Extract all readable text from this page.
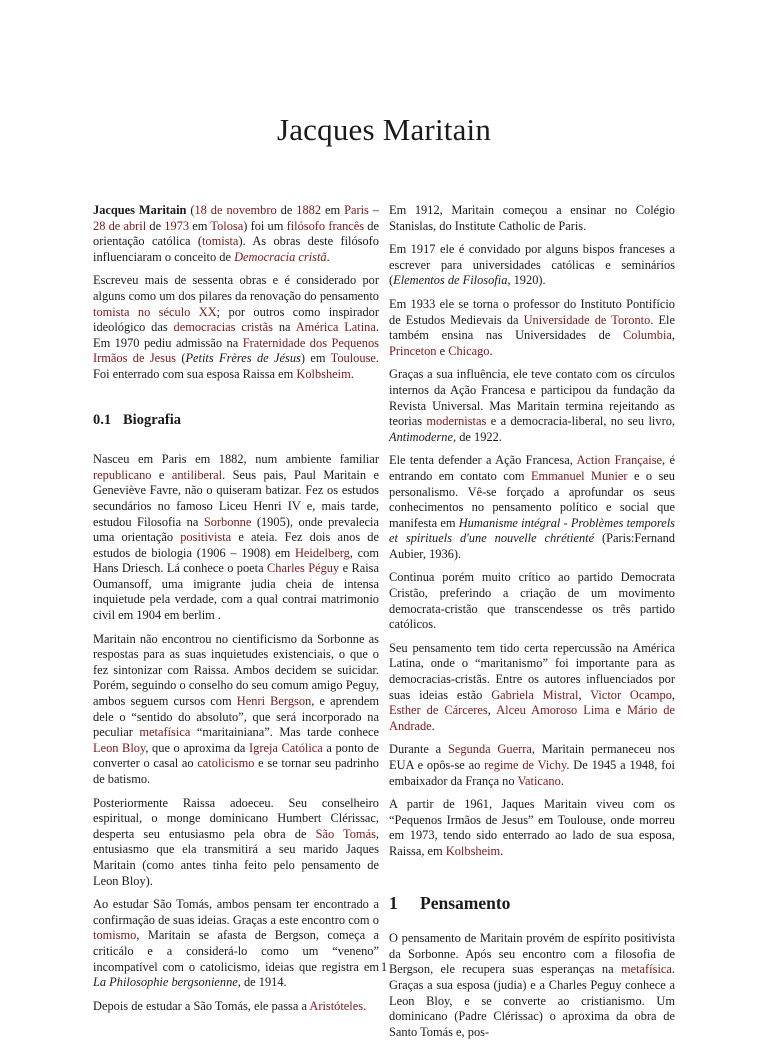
Jacques Maritain

Jacques Maritain (18 de novembro de 1882 em Paris – 28 de abril de 1973 em Tolosa) foi um filósofo francês de orientação católica (tomista). As obras deste filósofo influenciaram o conceito de Democracia cristã.

Escreveu mais de sessenta obras e é considerado por alguns como um dos pilares da renovação do pensamento tomista no século XX; por outros como inspirador ideológico das democracias cristãs na América Latina. Em 1970 pediu admissão na Fraternidade dos Pequenos Irmãos de Jesus (Petits Frères de Jésus) em Toulouse. Foi enterrado com sua esposa Raissa em Kolbsheim.

0.1 Biografia

Nasceu em Paris em 1882, num ambiente familiar republicano e antiliberal. Seus pais, Paul Maritain e Geneviève Favre, não o quiseram batizar. Fez os estudos secundários no famoso Liceu Henri IV e, mais tarde, estudou Filosofia na Sorbonne (1905), onde prevalecia uma orientação positivista e ateia. Fez dois anos de estudos de biologia (1906 – 1908) em Heidelberg, com Hans Driesch. Lá conhece o poeta Charles Péguy e Raisa Oumansoff, uma imigrante judia cheia de intensa inquietude pela verdade, com a qual contrai matrimonio civil em 1904 em berlim .

Maritain não encontrou no cientificismo da Sorbonne as respostas para as suas inquietudes existenciais, o que o fez sintonizar com Raissa. Ambos decidem se suicidar. Porém, seguindo o conselho do seu comum amigo Peguy, ambos seguem cursos com Henri Bergson, e aprendem dele o “sentido do absoluto”, que será incorporado na peculiar metafísica “maritainiana”. Mas tarde conhece Leon Bloy, que o aproxima da Igreja Católica a ponto de converter o casal ao catolicismo e se tornar seu padrinho de batismo.

Posteriormente Raissa adoeceu. Seu conselheiro espiritual, o monge dominicano Humbert Clérissac, desperta seu entusiasmo pela obra de São Tomás, entusiasmo que ela transmitirá a seu marido Jaques Maritain (como antes tinha feito pelo pensamento de Leon Bloy).

Ao estudar São Tomás, ambos pensam ter encontrado a confirmação de suas ideias. Graças a este encontro com o tomismo, Maritain se afasta de Bergson, começa a criticálo e a considerá-lo como um “veneno” incompatível com o catolicismo, ideias que registra em La Philosophie bergsonienne, de 1914.

Depois de estudar a São Tomás, ele passa a Aristóteles.

Em 1912, Maritain começou a ensinar no Colégio Stanislas, do Institute Catholic de Paris.

Em 1917 ele é convidado por alguns bispos franceses a escrever para universidades católicas e seminários (Elementos de Filosofia, 1920).

Em 1933 ele se torna o professor do Instituto Pontifício de Estudos Medievais da Universidade de Toronto. Ele também ensina nas Universidades de Columbia, Princeton e Chicago.

Graças a sua influência, ele teve contato com os círculos internos da Ação Francesa e participou da fundação da Revista Universal. Mas Maritain termina rejeitando as teorias modernistas e a democracia-liberal, no seu livro, Antimoderne, de 1922.

Ele tenta defender a Ação Francesa, Action Française, é entrando em contato com Emmanuel Munier e o seu personalismo. Vê-se forçado a aprofundar os seus conhecimentos no pensamento político e social que manifesta em Humanisme intégral - Problèmes temporels et spirituels d'une nouvelle chrétienté (Paris:Fernand Aubier, 1936).

Continua porém muito crítico ao partido Democrata Cristão, preferindo a criação de um movimento democrata-cristão que transcendesse os três partido católicos.

Seu pensamento tem tido certa repercussão na América Latina, onde o “maritanismo” foi importante para as democracias-cristãs. Entre os autores influenciados por suas ideias estão Gabriela Mistral, Victor Ocampo, Esther de Cárceres, Alceu Amoroso Lima e Mário de Andrade.

Durante a Segunda Guerra, Maritain permaneceu nos EUA e opôs-se ao regime de Vichy. De 1945 a 1948, foi embaixador da França no Vaticano.

A partir de 1961, Jaques Maritain viveu com os “Pequenos Irmãos de Jesus” em Toulouse, onde morreu em 1973, tendo sido enterrado ao lado de sua esposa, Raissa, em Kolbsheim.

1 Pensamento

O pensamento de Maritain provém de espírito positivista da Sorbonne. Após seu encontro com a filosofia de Bergson, ele recupera suas esperanças na metafísica. Graças a sua esposa (judia) e a Charles Peguy conhece a Leon Bloy, e se converte ao cristianismo. Um dominicano (Padre Clérissac) o aproxima da obra de Santo Tomás e, pos-

1
